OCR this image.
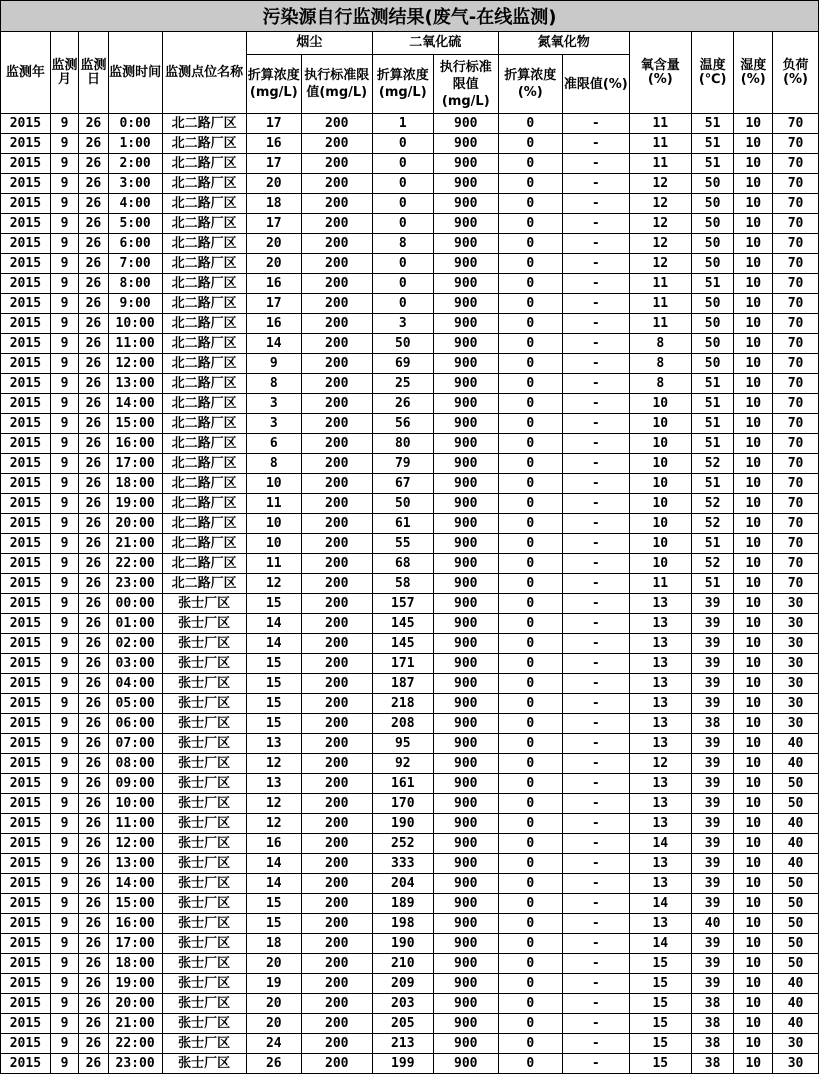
污染源自行监测结果(废气-在线监测)														
监测年	监测月	监测日	监测时间	监测点位名称	烟尘		二氧化硫		氮氧化物		氧含量(%)	温度(℃)	湿度(%)	负荷(%)
					折算浓度(mg/L)	执行标准限值(mg/L)	折算浓度(mg/L)	执行标准限值(mg/L)	折算浓度(%)	准限值(%)				
2015	9	26	0:00	北二路厂区	17	200	1	900	0	-	11	51	10	70
2015	9	26	1:00	北二路厂区	16	200	0	900	0	-	11	51	10	70
2015	9	26	2:00	北二路厂区	17	200	0	900	0	-	11	51	10	70
2015	9	26	3:00	北二路厂区	20	200	0	900	0	-	12	50	10	70
2015	9	26	4:00	北二路厂区	18	200	0	900	0	-	12	50	10	70
2015	9	26	5:00	北二路厂区	17	200	0	900	0	-	12	50	10	70
2015	9	26	6:00	北二路厂区	20	200	8	900	0	-	12	50	10	70
2015	9	26	7:00	北二路厂区	20	200	0	900	0	-	12	50	10	70
2015	9	26	8:00	北二路厂区	16	200	0	900	0	-	11	51	10	70
2015	9	26	9:00	北二路厂区	17	200	0	900	0	-	11	50	10	70
2015	9	26	10:00	北二路厂区	16	200	3	900	0	-	11	50	10	70
2015	9	26	11:00	北二路厂区	14	200	50	900	0	-	8	50	10	70
2015	9	26	12:00	北二路厂区	9	200	69	900	0	-	8	50	10	70
2015	9	26	13:00	北二路厂区	8	200	25	900	0	-	8	51	10	70
2015	9	26	14:00	北二路厂区	3	200	26	900	0	-	10	51	10	70
2015	9	26	15:00	北二路厂区	3	200	56	900	0	-	10	51	10	70
2015	9	26	16:00	北二路厂区	6	200	80	900	0	-	10	51	10	70
2015	9	26	17:00	北二路厂区	8	200	79	900	0	-	10	52	10	70
2015	9	26	18:00	北二路厂区	10	200	67	900	0	-	10	51	10	70
2015	9	26	19:00	北二路厂区	11	200	50	900	0	-	10	52	10	70
2015	9	26	20:00	北二路厂区	10	200	61	900	0	-	10	52	10	70
2015	9	26	21:00	北二路厂区	10	200	55	900	0	-	10	51	10	70
2015	9	26	22:00	北二路厂区	11	200	68	900	0	-	10	52	10	70
2015	9	26	23:00	北二路厂区	12	200	58	900	0	-	11	51	10	70
2015	9	26	00:00	张士厂区	15	200	157	900	0	-	13	39	10	30
2015	9	26	01:00	张士厂区	14	200	145	900	0	-	13	39	10	30
2015	9	26	02:00	张士厂区	14	200	145	900	0	-	13	39	10	30
2015	9	26	03:00	张士厂区	15	200	171	900	0	-	13	39	10	30
2015	9	26	04:00	张士厂区	15	200	187	900	0	-	13	39	10	30
2015	9	26	05:00	张士厂区	15	200	218	900	0	-	13	39	10	30
2015	9	26	06:00	张士厂区	15	200	208	900	0	-	13	38	10	30
2015	9	26	07:00	张士厂区	13	200	95	900	0	-	13	39	10	40
2015	9	26	08:00	张士厂区	12	200	92	900	0	-	12	39	10	40
2015	9	26	09:00	张士厂区	13	200	161	900	0	-	13	39	10	50
2015	9	26	10:00	张士厂区	12	200	170	900	0	-	13	39	10	50
2015	9	26	11:00	张士厂区	12	200	190	900	0	-	13	39	10	40
2015	9	26	12:00	张士厂区	16	200	252	900	0	-	14	39	10	40
2015	9	26	13:00	张士厂区	14	200	333	900	0	-	13	39	10	40
2015	9	26	14:00	张士厂区	14	200	204	900	0	-	13	39	10	50
2015	9	26	15:00	张士厂区	15	200	189	900	0	-	14	39	10	50
2015	9	26	16:00	张士厂区	15	200	198	900	0	-	13	40	10	50
2015	9	26	17:00	张士厂区	18	200	190	900	0	-	14	39	10	50
2015	9	26	18:00	张士厂区	20	200	210	900	0	-	15	39	10	50
2015	9	26	19:00	张士厂区	19	200	209	900	0	-	15	39	10	40
2015	9	26	20:00	张士厂区	20	200	203	900	0	-	15	38	10	40
2015	9	26	21:00	张士厂区	20	200	205	900	0	-	15	38	10	40
2015	9	26	22:00	张士厂区	24	200	213	900	0	-	15	38	10	30
2015	9	26	23:00	张士厂区	26	200	199	900	0	-	15	38	10	30
